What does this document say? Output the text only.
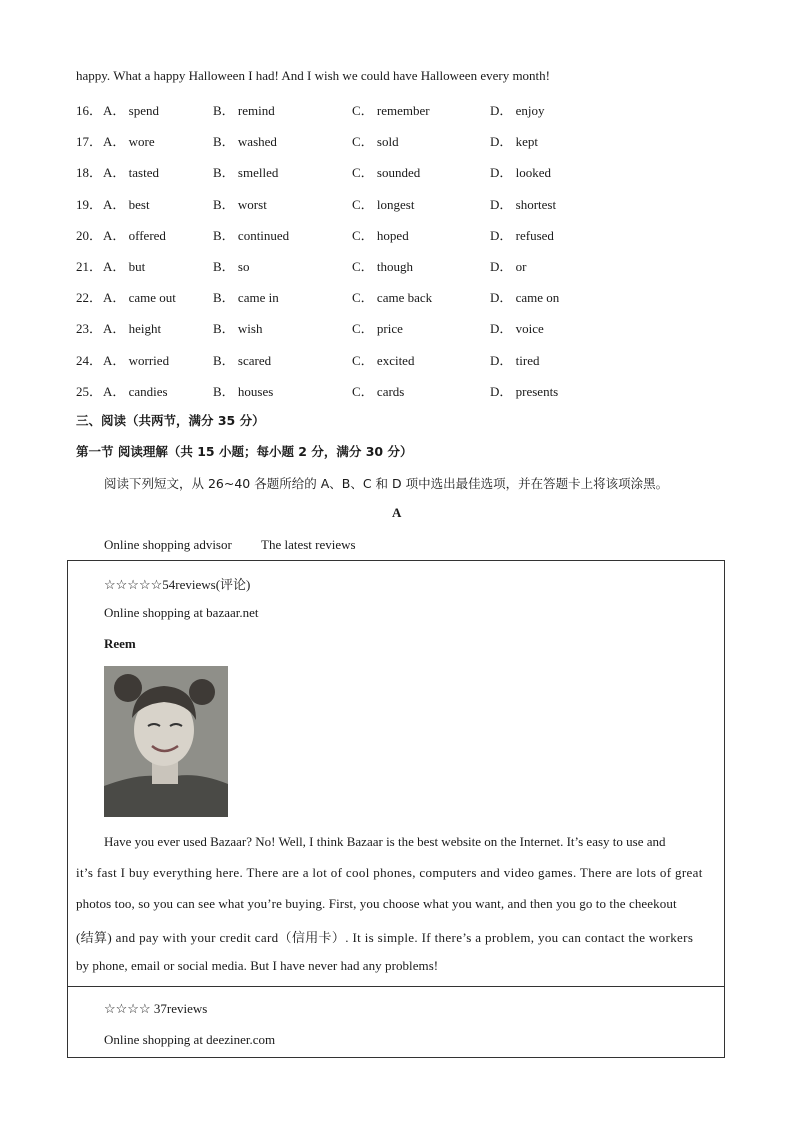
happy. What a happy Halloween I had! And I wish we could have Halloween every month!
16． A． spend	B． remind	C． remember	D． enjoy
17． A． wore	B． washed	C． sold	D． kept
18． A． tasted	B． smelled	C． sounded	D． looked
19． A． best	B． worst	C． longest	D． shortest
20． A． offered	B． continued	C． hoped	D． refused
21． A． but	B． so	C． though	D． or
22． A． came out	B． came in	C． came back	D． came on
23． A． height	B． wish	C． price	D． voice
24． A． worried	B． scared	C． excited	D． tired
25． A． candies	B． houses	C． cards	D． presents
三、阅读（共两节，满分 35 分）
第一节 阅读理解（共 15 小题；每小题 2 分，满分 30 分）
阅读下列短文，从 26~40 各题所给的 A、B、C 和 D 项中选出最佳选项，并在答题卡上将该项涂黑。
A
Online shopping advisor The latest reviews
☆☆☆☆☆54reviews(评论)
Online shopping at bazaar.net
Reem
Have you ever used Bazaar? No! Well, I think Bazaar is the best website on the Internet. It’s easy to use and
it’s fast I buy everything here. There are a lot of cool phones, computers and video games. There are lots of great
photos too, so you can see what you’re buying. First, you choose what you want, and then you go to the cheekout
(结算) and pay with your credit card（信用卡）. It is simple. If there’s a problem, you can contact the workers
by phone, email or social media. But I have never had any problems!
☆☆☆☆ 37reviews
Online shopping at deeziner.com
